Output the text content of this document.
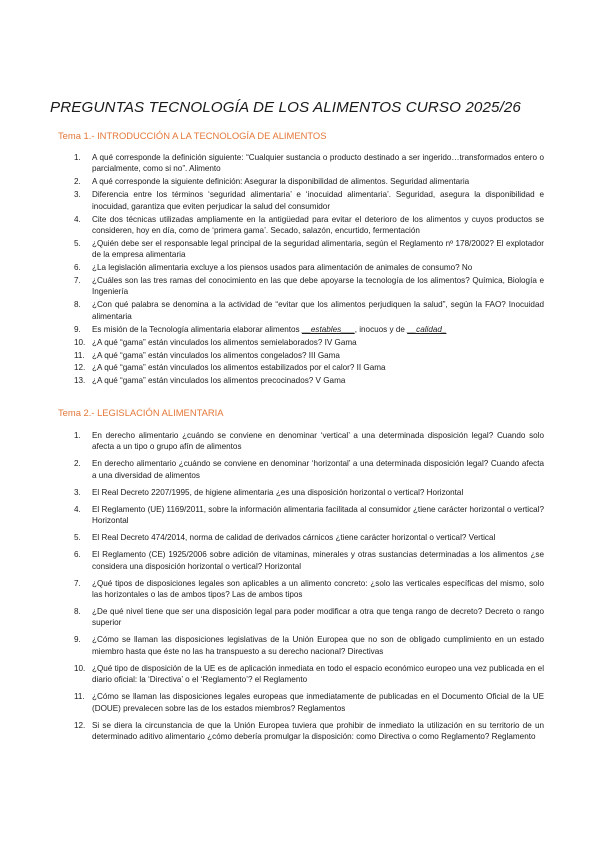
PREGUNTAS TECNOLOGÍA DE LOS ALIMENTOS CURSO 2025/26
Tema 1.- INTRODUCCIÓN A LA TECNOLOGÍA DE ALIMENTOS
1.	A qué corresponde la definición siguiente: “Cualquier sustancia o producto destinado a ser ingerido…transformados entero o parcialmente, como si no”. Alimento
2.	A qué corresponde la siguiente definición: Asegurar la disponibilidad de alimentos. Seguridad alimentaria
3.	Diferencia entre los términos ‘seguridad alimentaria’ e ‘inocuidad alimentaria’. Seguridad, asegura la disponibilidad e inocuidad, garantiza que eviten perjudicar la salud del consumidor
4.	Cite dos técnicas utilizadas ampliamente en la antigüedad para evitar el deterioro de los alimentos y cuyos productos se consideren, hoy en día, como de ‘primera gama’. Secado, salazón, encurtido, fermentación
5.	¿Quién debe ser el responsable legal principal de la seguridad alimentaria, según el Reglamento nº 178/2002? El explotador de la empresa alimentaria
6.	¿La legislación alimentaria excluye a los piensos usados para alimentación de animales de consumo? No
7.	¿Cuáles son las tres ramas del conocimiento en las que debe apoyarse la tecnología de los alimentos? Química, Biología e Ingeniería
8.	¿Con qué palabra se denomina a la actividad de “evitar que los alimentos perjudiquen la salud”, según la FAO? Inocuidad alimentaria
9.	Es misión de la Tecnología alimentaria elaborar alimentos __estables___, inocuos y de __calidad_
10. ¿A qué “gama” están vinculados los alimentos semielaborados? IV Gama
11. ¿A qué “gama” están vinculados los alimentos congelados? III Gama
12. ¿A qué “gama” están vinculados los alimentos estabilizados por el calor? II Gama
13. ¿A qué “gama” están vinculados los alimentos precocinados? V Gama
Tema 2.- LEGISLACIÓN ALIMENTARIA
1.	En derecho alimentario ¿cuándo se conviene en denominar ‘vertical’ a una determinada disposición legal? Cuando solo afecta a un tipo o grupo afín de alimentos
2.	En derecho alimentario ¿cuándo se conviene en denominar ‘horizontal’ a una determinada disposición legal? Cuando afecta a una diversidad de alimentos
3.	El Real Decreto 2207/1995, de higiene alimentaria ¿es una disposición horizontal o vertical? Horizontal
4.	El Reglamento (UE) 1169/2011, sobre la información alimentaria facilitada al consumidor ¿tiene carácter horizontal o vertical? Horizontal
5.	El Real Decreto 474/2014, norma de calidad de derivados cárnicos ¿tiene carácter horizontal o vertical? Vertical
6.	El Reglamento (CE) 1925/2006 sobre adición de vitaminas, minerales y otras sustancias determinadas a los alimentos ¿se considera una disposición horizontal o vertical? Horizontal
7.	¿Qué tipos de disposiciones legales son aplicables a un alimento concreto: ¿solo las verticales específicas del mismo, solo las horizontales o las de ambos tipos? Las de ambos tipos
8.	¿De qué nivel tiene que ser una disposición legal para poder modificar a otra que tenga rango de decreto? Decreto o rango superior
9.	¿Cómo se llaman las disposiciones legislativas de la Unión Europea que no son de obligado cumplimiento en un estado miembro hasta que éste no las ha transpuesto a su derecho nacional? Directivas
10. ¿Qué tipo de disposición de la UE es de aplicación inmediata en todo el espacio económico europeo una vez publicada en el diario oficial: la ‘Directiva’ o el ‘Reglamento’? el Reglamento
11. ¿Cómo se llaman las disposiciones legales europeas que inmediatamente de publicadas en el Documento Oficial de la UE (DOUE) prevalecen sobre las de los estados miembros? Reglamentos
12. Si se diera la circunstancia de que la Unión Europea tuviera que prohibir de inmediato la utilización en su territorio de un determinado aditivo alimentario ¿cómo debería promulgar la disposición: como Directiva o como Reglamento? Reglamento
